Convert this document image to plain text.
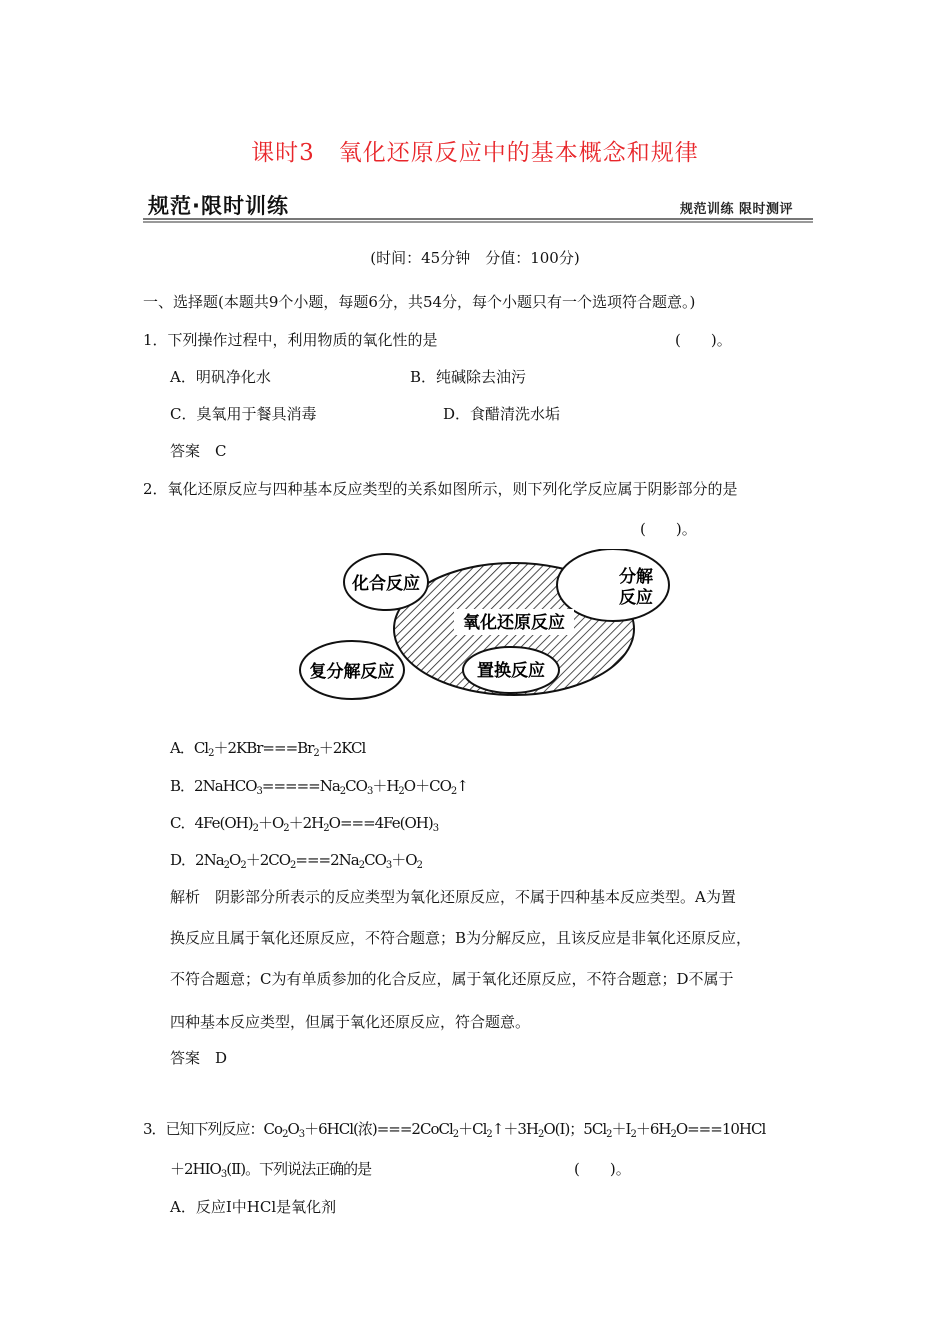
课时3　氧化还原反应中的基本概念和规律
规范·限时训练	规范训练 限时测评
(时间：45分钟　分值：100分)
一、选择题(本题共9个小题，每题6分，共54分，每个小题只有一个选项符合题意。)
1．下列操作过程中，利用物质的氧化性的是	(　　)。
A．明矾净化水	B．纯碱除去油污
C．臭氧用于餐具消毒	D．食醋清洗水垢
答案　C
2．氧化还原反应与四种基本反应类型的关系如图所示，则下列化学反应属于阴影部分的是
(　　)。
化合反应	分解
反应
氧化还原反应
复分解反应	置换反应
A．$Cl_2+2KBr===Br_2+2KCl$
B．$2NaHCO_3=====Na_2CO_3+H_2O+CO_2↑$
C．$4Fe(OH)_2+O_2+2H_2O===4Fe(OH)_3$
D．$2Na_2O_2+2CO_2===2Na_2CO_3+O_2$
解析　阴影部分所表示的反应类型为氧化还原反应，不属于四种基本反应类型。A为置
换反应且属于氧化还原反应，不符合题意；B为分解反应，且该反应是非氧化还原反应，
不符合题意；C为有单质参加的化合反应，属于氧化还原反应，不符合题意；D不属于
四种基本反应类型，但属于氧化还原反应，符合题意。
答案　D
3．已知下列反应：$Co_2O_3+6HCl$(浓)$===2CoCl_2+Cl_2↑+3H_2O(Ⅰ)$；$5Cl_2+I_2+6H_2O===10HCl$
$+2HIO_3(Ⅱ)$。下列说法正确的是	(　　)。
A．反应Ⅰ中HCl是氧化剂
